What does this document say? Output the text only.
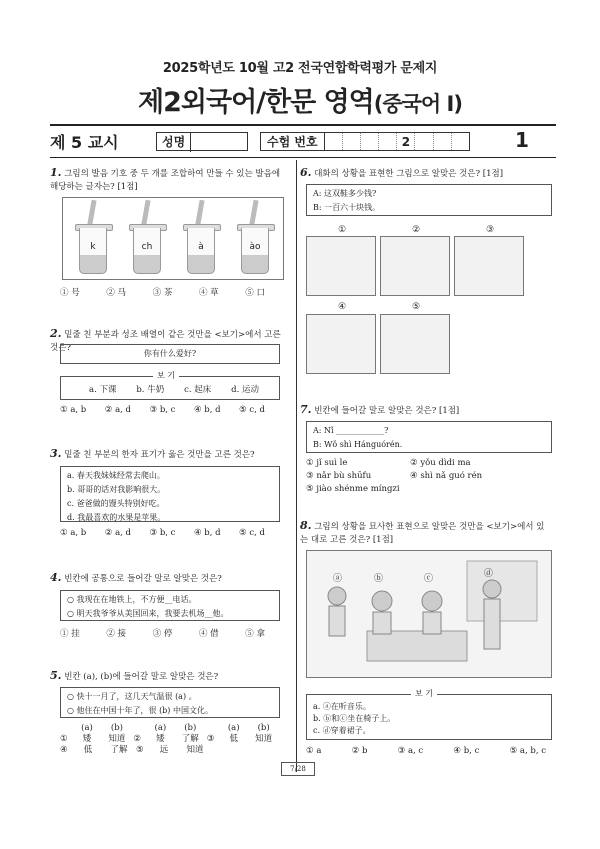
2025학년도 10월 고2 전국연합학력평가 문제지
제2외국어/한문 영역(중국어 Ⅰ)
제 5 교시	성명	수험 번호	2	1
1. 그림의 발음 기호 중 두 개를 조합하여 만들 수 있는 발음에 해당하는 글자는? [1점]
k	ch	à	ào
① 号	② 马	③ 茶	④ 草	⑤ 口
2. 밑줄 친 부분과 성조 배열이 같은 것만을 <보기>에서 고른 것은?
你有什么爱好?
보 기
a. 下课 b. 牛奶 c. 起床 d. 运动
① a, b ② a, d ③ b, c ④ b, d ⑤ c, d
3. 밑줄 친 부분의 한자 표기가 옳은 것만을 고른 것은?
a. 春天我妹妹经常去爬山。
b. 哥哥的话对我影响很大。
c. 爸爸做的馒头特别好吃。
d. 我最喜欢的水果是苹果。
① a, b ② a, d ③ b, c ④ b, d ⑤ c, d
4. 빈칸에 공통으로 들어갈 말로 알맞은 것은?
○ 我现在在地铁上，不方便__电话。
○ 明天我爷爷从美国回来，我要去机场__他。
① 挂	② 接	③ 停	④ 借	⑤ 拿
5. 빈칸 (a), (b)에 들어갈 말로 알맞은 것은?
○ 快十一月了，这几天气温很 (a) 。
○ 他住在中国十年了，很 (b) 中国文化。
(a)	(b)	(a)	(b)	(a)	(b)
①	矮	知道 ②	矮	了解 ③	低	知道
④	低	了解	⑤	远	知道
6. 대화의 상황을 표현한 그림으로 알맞은 것은? [1점]
A: 这双鞋多少钱?
B: 一百六十块钱。
①	②	③
④	⑤
7. 빈칸에 들어갈 말로 알맞은 것은? [1점]
A: Nǐ ____________?
B: Wǒ shì Hánguórén.
① jǐ suì le	② yǒu dìdi ma
③ nǎr bù shūfu	④ shì nǎ guó rén
⑤ jiào shénme míngzi
8. 그림의 상황을 묘사한 표현으로 알맞은 것만을 <보기>에서 있는 대로 고른 것은? [1점]
ⓐ	ⓑ	ⓒ	ⓓ
보 기
a. ⓐ在听音乐。
b. ⓑ和ⓒ坐在椅子上。
c. ⓓ穿着裙子。
① a	② b	③ a, c	④ b, c	⑤ a, b, c
7/28
